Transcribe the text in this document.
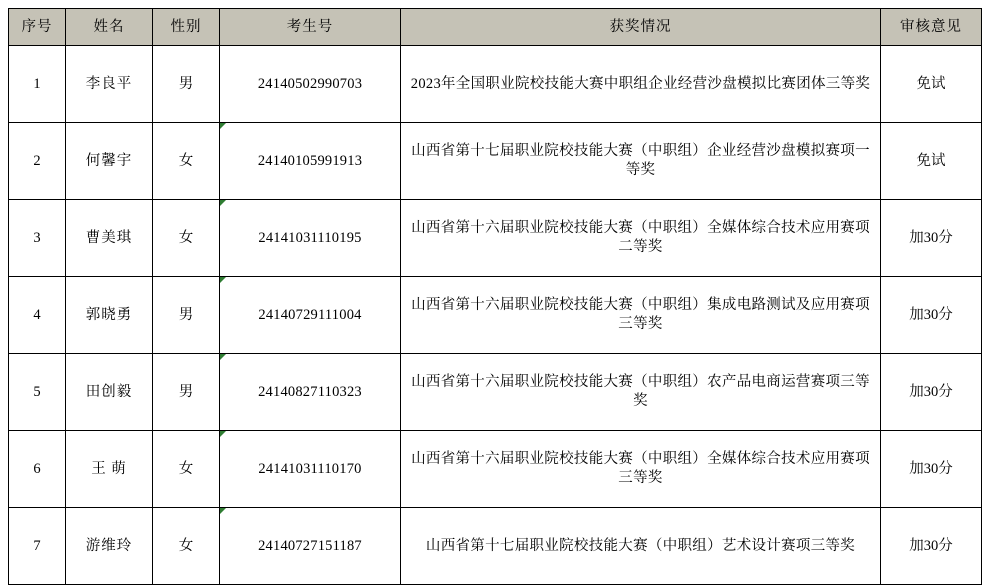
序号	姓名	性别	考生号	获奖情况	审核意见
1	李良平	男	24140502990703	2023年全国职业院校技能大赛中职组企业经营沙盘模拟比赛团体三等奖	免试
2	何馨宇	女	24140105991913	山西省第十七届职业院校技能大赛（中职组）企业经营沙盘模拟赛项一等奖	免试
3	曹美琪	女	24141031110195	山西省第十六届职业院校技能大赛（中职组）全媒体综合技术应用赛项二等奖	加30分
4	郭晓勇	男	24140729111004	山西省第十六届职业院校技能大赛（中职组）集成电路测试及应用赛项三等奖	加30分
5	田创毅	男	24140827110323	山西省第十六届职业院校技能大赛（中职组）农产品电商运营赛项三等奖	加30分
6	王 萌	女	24141031110170	山西省第十六届职业院校技能大赛（中职组）全媒体综合技术应用赛项三等奖	加30分
7	游维玲	女	24140727151187	山西省第十七届职业院校技能大赛（中职组）艺术设计赛项三等奖	加30分
